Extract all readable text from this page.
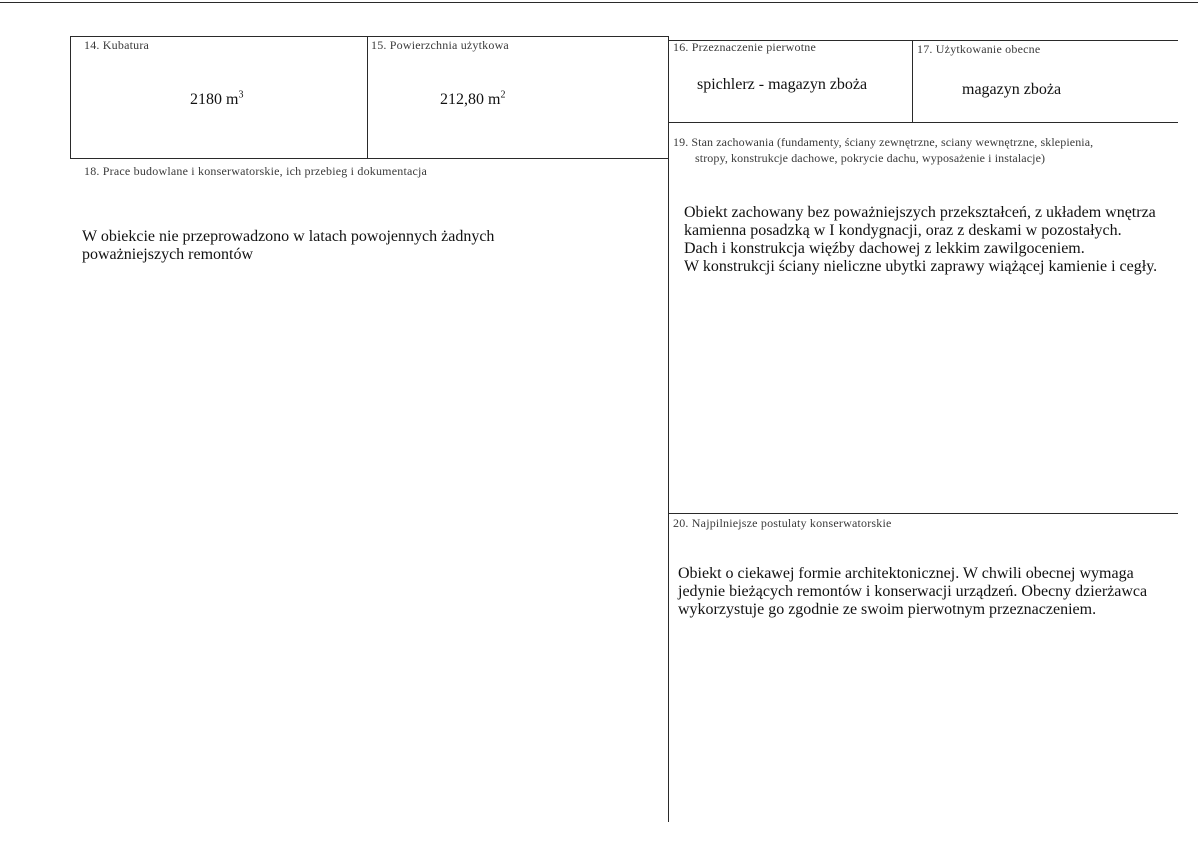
14. Kubatura
2180 $m^3$
15. Powierzchnia użytkowa
212,80 $m^2$
16. Przeznaczenie pierwotne
spichlerz - magazyn zboża
17. Użytkowanie obecne
magazyn zboża
18. Prace budowlane i konserwatorskie, ich przebieg i dokumentacja

W obiekcie nie przeprowadzono w latach powojennych żadnych

poważniejszych remontów

19. Stan zachowania (fundamenty, ściany zewnętrzne, sciany wewnętrzne, sklepienia,
stropy, konstrukcje dachowe, pokrycie dachu, wyposażenie i instalacje)

Obiekt zachowany bez poważniejszych przekształceń, z układem wnętrza

kamienna posadzką w I kondygnacji, oraz z deskami w pozostałych.

Dach i konstrukcja więźby dachowej z lekkim zawilgoceniem.

W konstrukcji ściany nieliczne ubytki zaprawy wiążącej kamienie i cegły.

20. Najpilniejsze postulaty konserwatorskie

Obiekt o ciekawej formie architektonicznej. W chwili obecnej wymaga

jedynie bieżących remontów i konserwacji urządzeń. Obecny dzierżawca

wykorzystuje go zgodnie ze swoim pierwotnym przeznaczeniem.
